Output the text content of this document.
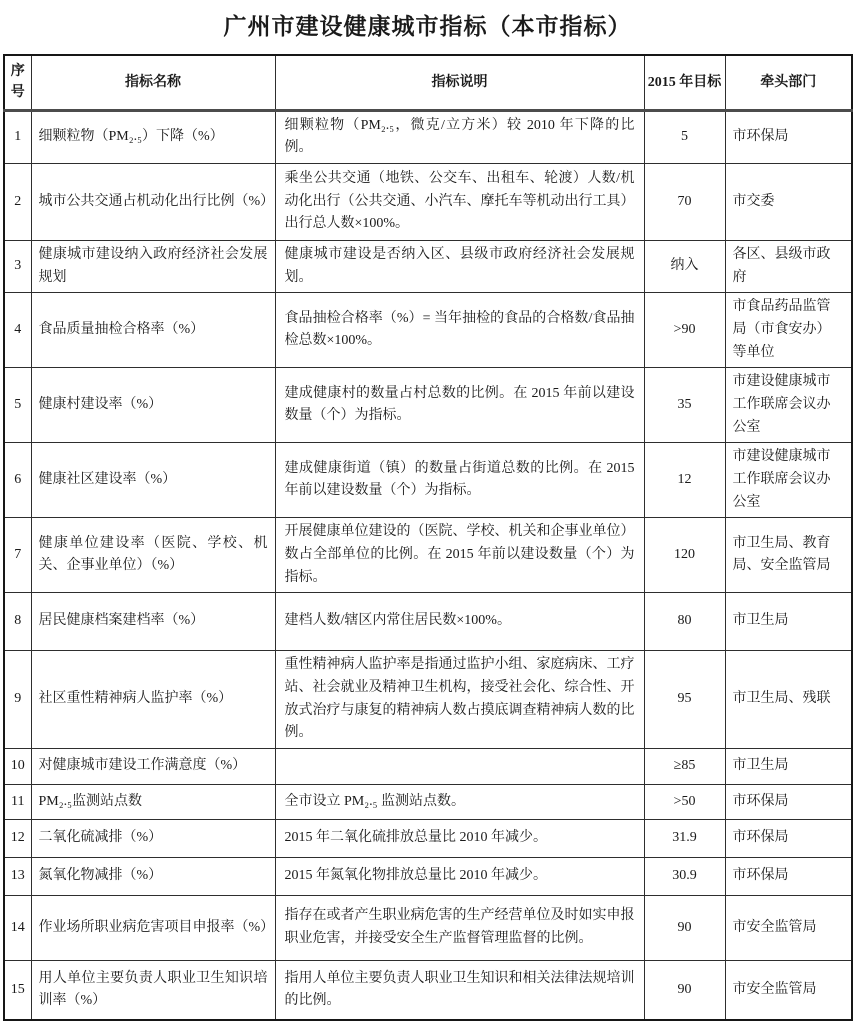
广州市建设健康城市指标（本市指标）
序号	指标名称	指标说明	2015 年目标	牵头部门
1	细颗粒物（PM₂.₅）下降（%）	细颗粒物（PM₂.₅，微克/立方米）较 2010 年下降的比例。	5	市环保局
2	城市公共交通占机动化出行比例（%）	乘坐公共交通（地铁、公交车、出租车、轮渡）人数/机动化出行（公共交通、小汽车、摩托车等机动出行工具）出行总人数×100%。	70	市交委
3	健康城市建设纳入政府经济社会发展规划	健康城市建设是否纳入区、县级市政府经济社会发展规划。	纳入	各区、县级市政府
4	食品质量抽检合格率（%）	食品抽检合格率（%）= 当年抽检的食品的合格数/食品抽检总数×100%。	>90	市食品药品监管局（市食安办）等单位
5	健康村建设率（%）	建成健康村的数量占村总数的比例。在 2015 年前以建设数量（个）为指标。	35	市建设健康城市工作联席会议办公室
6	健康社区建设率（%）	建成健康街道（镇）的数量占街道总数的比例。在 2015 年前以建设数量（个）为指标。	12	市建设健康城市工作联席会议办公室
7	健康单位建设率（医院、学校、机关、企事业单位）（%）	开展健康单位建设的（医院、学校、机关和企事业单位）数占全部单位的比例。在 2015 年前以建设数量（个）为指标。	120	市卫生局、教育局、安全监管局
8	居民健康档案建档率（%）	建档人数/辖区内常住居民数×100%。	80	市卫生局
9	社区重性精神病人监护率（%）	重性精神病人监护率是指通过监护小组、家庭病床、工疗站、社会就业及精神卫生机构，接受社会化、综合性、开放式治疗与康复的精神病人数占摸底调查精神病人数的比例。	95	市卫生局、残联
10	对健康城市建设工作满意度（%）		≥85	市卫生局
11	PM₂.₅监测站点数	全市设立 PM₂.₅ 监测站点数。	>50	市环保局
12	二氧化硫减排（%）	2015 年二氧化硫排放总量比 2010 年减少。	31.9	市环保局
13	氮氧化物减排（%）	2015 年氮氧化物排放总量比 2010 年减少。	30.9	市环保局
14	作业场所职业病危害项目申报率（%）	指存在或者产生职业病危害的生产经营单位及时如实申报职业危害，并接受安全生产监督管理监督的比例。	90	市安全监管局
15	用人单位主要负责人职业卫生知识培训率（%）	指用人单位主要负责人职业卫生知识和相关法律法规培训的比例。	90	市安全监管局
